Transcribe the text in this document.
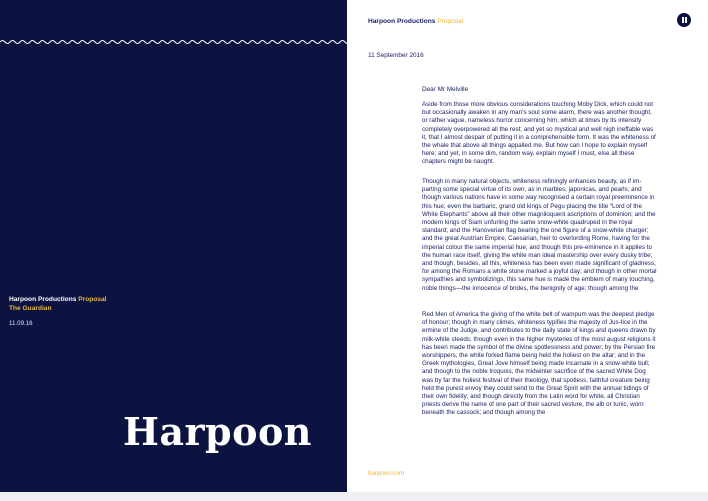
Harpoon Productions Proposal
The Guardian
11.09.16
Harpoon
Harpoon Productions Proposal
11 September 2016
Dear Mr Melville

Aside from those more obvious considerations touching Moby Dick, which could not but occasionally awaken in any man’s soul some alarm, there was another thought, or rather vague, nameless horror concerning him, which at times by its intensity completely overpowered all the rest; and yet so mystical and well nigh ineffable was it, that I almost despair of putting it in a comprehensible form. It was the whiteness of the whale that above all things appalled me. But how can I hope to explain myself here; and yet, in some dim, random way, explain myself I must, else all these chapters might be naught.

Though in many natural objects, whiteness refiningly enhances beauty, as if im-parting some special virtue of its own, as in marbles, japonicas, and pearls; and though various nations have in some way recognised a certain royal preeminence in this hue; even the barbaric, grand old kings of Pegu placing the title “Lord of the White Elephants” above all their other magniloquent ascriptions of dominion; and the modern kings of Siam unfurling the same snow-white quadruped in the royal standard; and the Hanoverian flag bearing the one figure of a snow-white charger; and the great Austrian Empire, Caesarian, heir to overlording Rome, having for the imperial colour the same imperial hue; and though this pre-eminence in it applies to the human race itself, giving the white man ideal mastership over every dusky tribe; and though, besides, all this, whiteness has been even made significant of gladness, for among the Romans a white stone marked a joyful day; and though in other mortal sympathies and symbolizings, this same hue is made the emblem of many touching, noble things—the innocence of brides, the benignity of age; though among the

Red Men of America the giving of the white belt of wampum was the deepest pledge of honour; though in many climes, whiteness typifies the majesty of Jus-tice in the ermine of the Judge, and contributes to the daily state of kings and queens drawn by milk-white steeds; though even in the higher mysteries of the most august religions it has been made the symbol of the divine spotlessness and power; by the Persian fire worshippers, the white forked flame being held the holiest on the altar; and in the Greek mythologies, Great Jove himself being made incarnate in a snow-white bull; and though to the noble Iroquois, the midwinter sacrifice of the sacred White Dog was by far the holiest festival of their theology, that spotless, faithful creature being held the purest envoy they could send to the Great Spirit with the annual tidings of their own fidelity; and though directly from the Latin word for white, all Christian priests derive the name of one part of their sacred vesture, the alb or tunic, worn beneath the cassock; and though among the

harpoon.com
